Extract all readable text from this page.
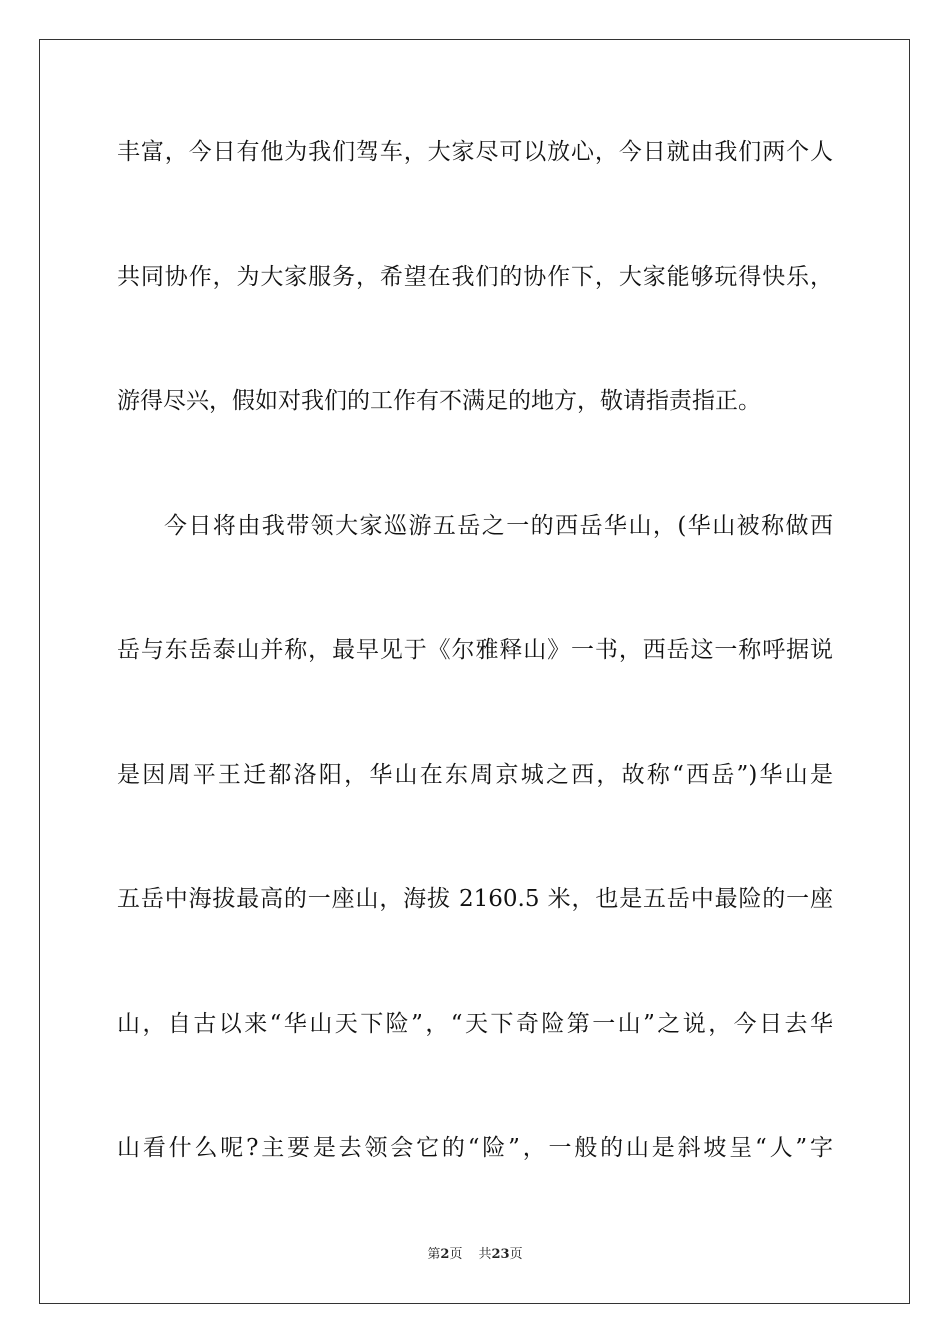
丰富，今日有他为我们驾车，大家尽可以放心，今日就由我们两个人
共同协作，为大家服务，希望在我们的协作下，大家能够玩得快乐，
游得尽兴，假如对我们的工作有不满足的地方，敬请指责指正。
今日将由我带领大家巡游五岳之一的西岳华山，(华山被称做西
岳与东岳泰山并称，最早见于《尔雅释山》一书，西岳这一称呼据说
是因周平王迁都洛阳，华山在东周京城之西，故称“西岳”)华山是
五岳中海拔最高的一座山，海拔 2160.5 米，也是五岳中最险的一座
山，自古以来“华山天下险”，“天下奇险第一山”之说，今日去华
山看什么呢?主要是去领会它的“险”，一般的山是斜坡呈“人”字
第2页 共23页
